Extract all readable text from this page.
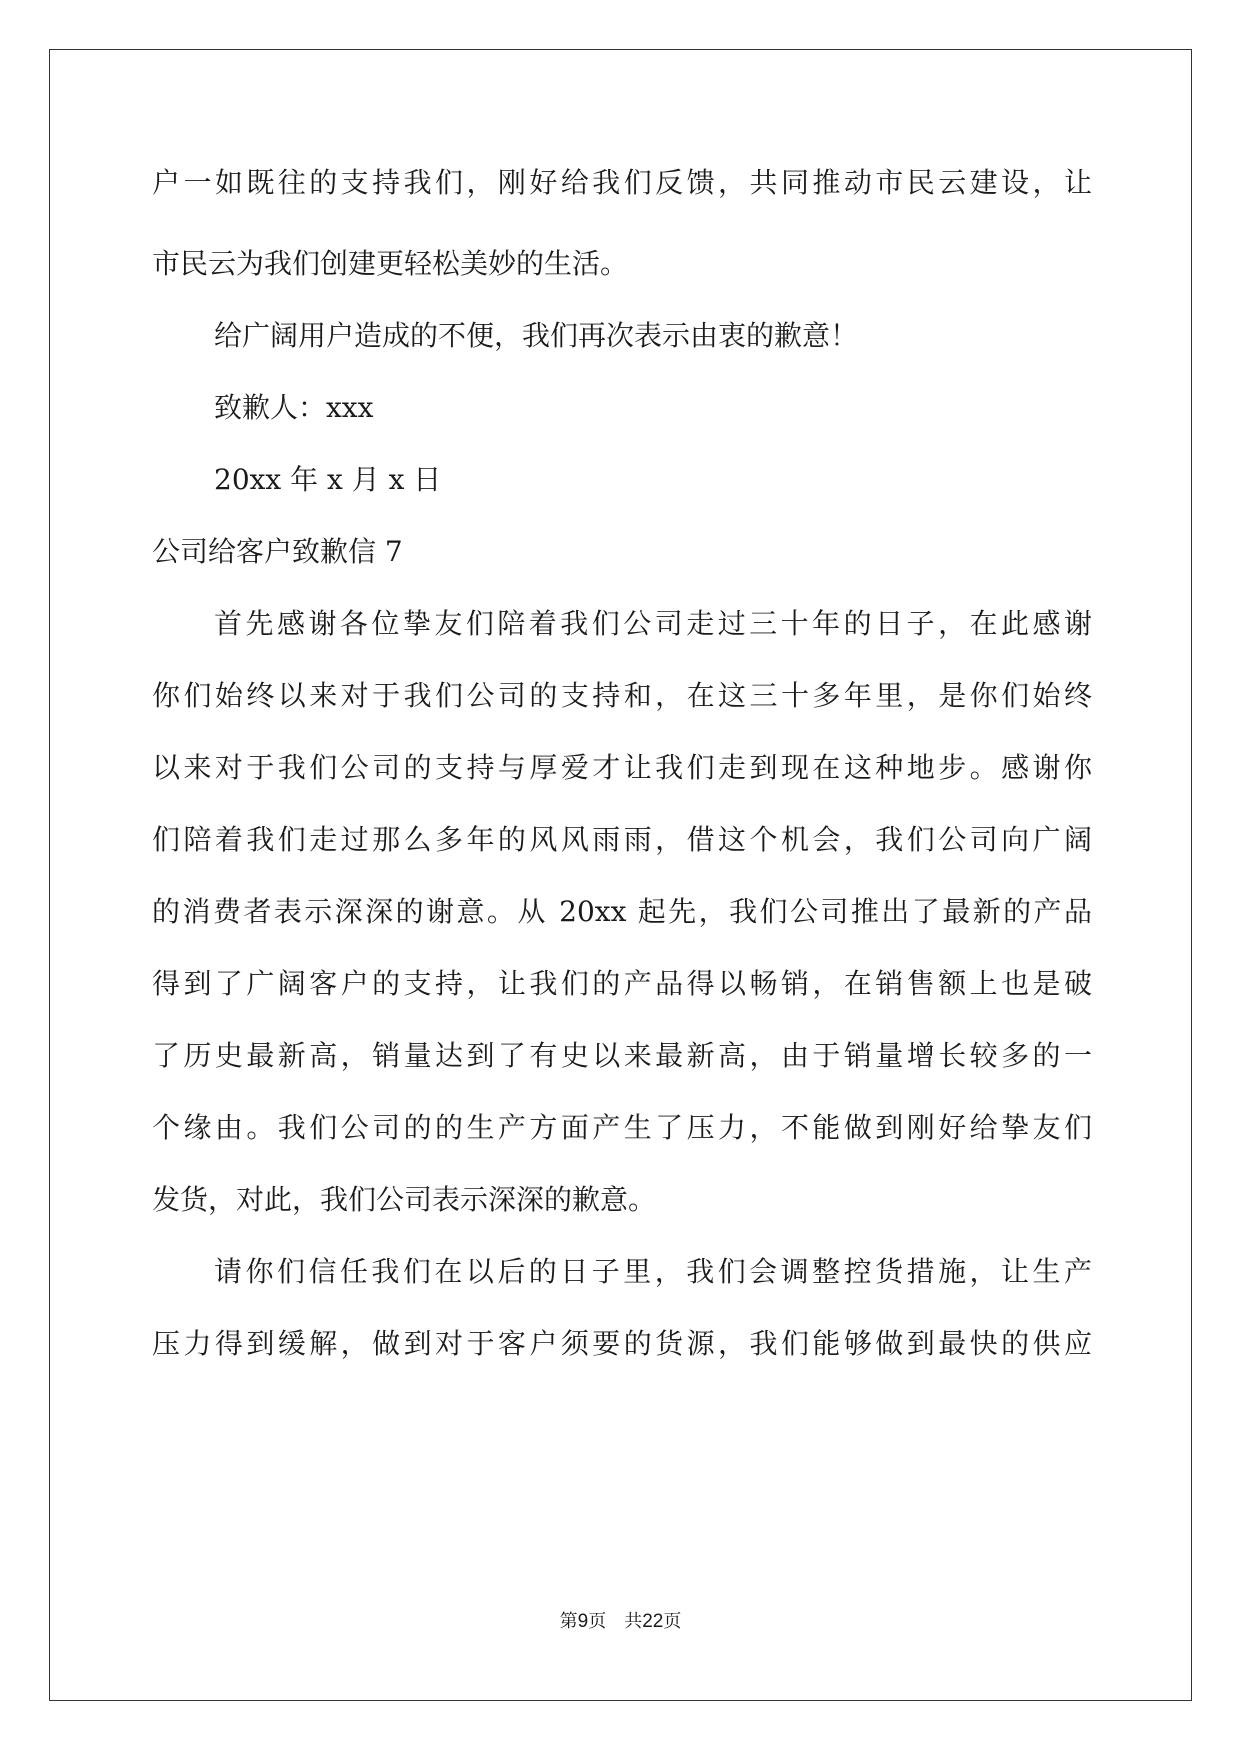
户一如既往的支持我们，刚好给我们反馈，共同推动市民云建设，让
市民云为我们创建更轻松美妙的生活。
给广阔用户造成的不便，我们再次表示由衷的歉意！
致歉人：xxx
20xx 年 x 月 x 日
公司给客户致歉信 7
首先感谢各位挚友们陪着我们公司走过三十年的日子，在此感谢
你们始终以来对于我们公司的支持和，在这三十多年里，是你们始终
以来对于我们公司的支持与厚爱才让我们走到现在这种地步。感谢你
们陪着我们走过那么多年的风风雨雨，借这个机会，我们公司向广阔
的消费者表示深深的谢意。从 20xx 起先，我们公司推出了最新的产品
得到了广阔客户的支持，让我们的产品得以畅销，在销售额上也是破
了历史最新高，销量达到了有史以来最新高，由于销量增长较多的一
个缘由。我们公司的的生产方面产生了压力，不能做到刚好给挚友们
发货，对此，我们公司表示深深的歉意。
请你们信任我们在以后的日子里，我们会调整控货措施，让生产
压力得到缓解，做到对于客户须要的货源，我们能够做到最快的供应
第9页　共22页
